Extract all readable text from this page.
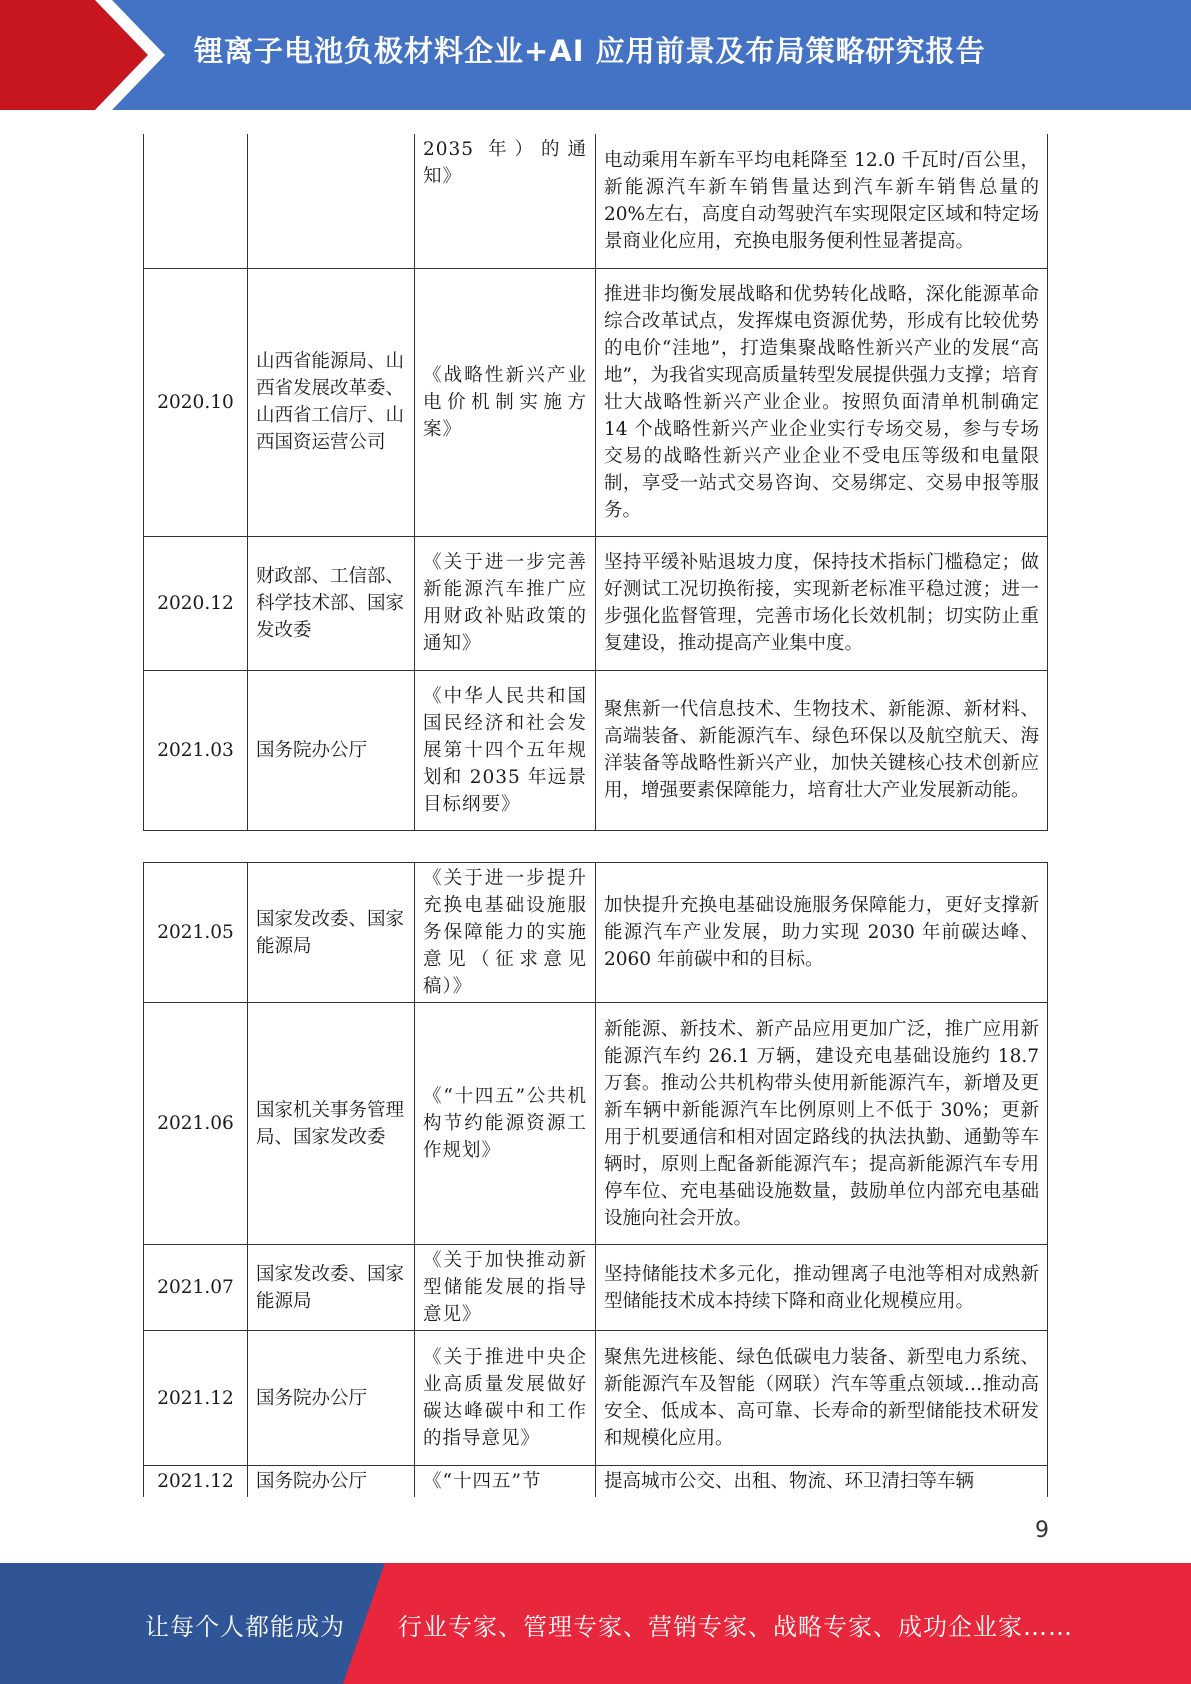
锂离子电池负极材料企业+AI 应用前景及布局策略研究报告
		2035 年）的通知》	电动乘用车新车平均电耗降至 12.0 千瓦时/百公里，新能源汽车新车销售量达到汽车新车销售总量的 20%左右，高度自动驾驶汽车实现限定区域和特定场景商业化应用，充换电服务便利性显著提高。
2020.10	山西省能源局、山西省发展改革委、山西省工信厅、山西国资运营公司	《战略性新兴产业电价机制实施方案》	推进非均衡发展战略和优势转化战略，深化能源革命综合改革试点，发挥煤电资源优势，形成有比较优势的电价“洼地”，打造集聚战略性新兴产业的发展“高地”，为我省实现高质量转型发展提供强力支撑；培育壮大战略性新兴产业企业。按照负面清单机制确定 14 个战略性新兴产业企业实行专场交易，参与专场交易的战略性新兴产业企业不受电压等级和电量限制，享受一站式交易咨询、交易绑定、交易申报等服务。
2020.12	财政部、工信部、科学技术部、国家发改委	《关于进一步完善新能源汽车推广应用财政补贴政策的通知》	坚持平缓补贴退坡力度，保持技术指标门槛稳定；做好测试工况切换衔接，实现新老标准平稳过渡；进一步强化监督管理，完善市场化长效机制；切实防止重复建设，推动提高产业集中度。
2021.03	国务院办公厅	《中华人民共和国国民经济和社会发展第十四个五年规划和 2035 年远景目标纲要》	聚焦新一代信息技术、生物技术、新能源、新材料、高端装备、新能源汽车、绿色环保以及航空航天、海洋装备等战略性新兴产业，加快关键核心技术创新应用，增强要素保障能力，培育壮大产业发展新动能。
2021.05	国家发改委、国家能源局	《关于进一步提升充换电基础设施服务保障能力的实施意见（征求意见稿）》	加快提升充换电基础设施服务保障能力，更好支撑新能源汽车产业发展，助力实现 2030 年前碳达峰、2060 年前碳中和的目标。
2021.06	国家机关事务管理局、国家发改委	《“十四五”公共机构节约能源资源工作规划》	新能源、新技术、新产品应用更加广泛，推广应用新能源汽车约 26.1 万辆，建设充电基础设施约 18.7 万套。推动公共机构带头使用新能源汽车，新增及更新车辆中新能源汽车比例原则上不低于 30%；更新用于机要通信和相对固定路线的执法执勤、通勤等车辆时，原则上配备新能源汽车；提高新能源汽车专用停车位、充电基础设施数量，鼓励单位内部充电基础设施向社会开放。
2021.07	国家发改委、国家能源局	《关于加快推动新型储能发展的指导意见》	坚持储能技术多元化，推动锂离子电池等相对成熟新型储能技术成本持续下降和商业化规模应用。
2021.12	国务院办公厅	《关于推进中央企业高质量发展做好碳达峰碳中和工作的指导意见》	聚焦先进核能、绿色低碳电力装备、新型电力系统、新能源汽车及智能（网联）汽车等重点领域…推动高安全、低成本、高可靠、长寿命的新型储能技术研发和规模化应用。
2021.12	国务院办公厅	《“十四五”节	提高城市公交、出租、物流、环卫清扫等车辆
9
让每个人都能成为 行业专家、管理专家、营销专家、战略专家、成功企业家……
